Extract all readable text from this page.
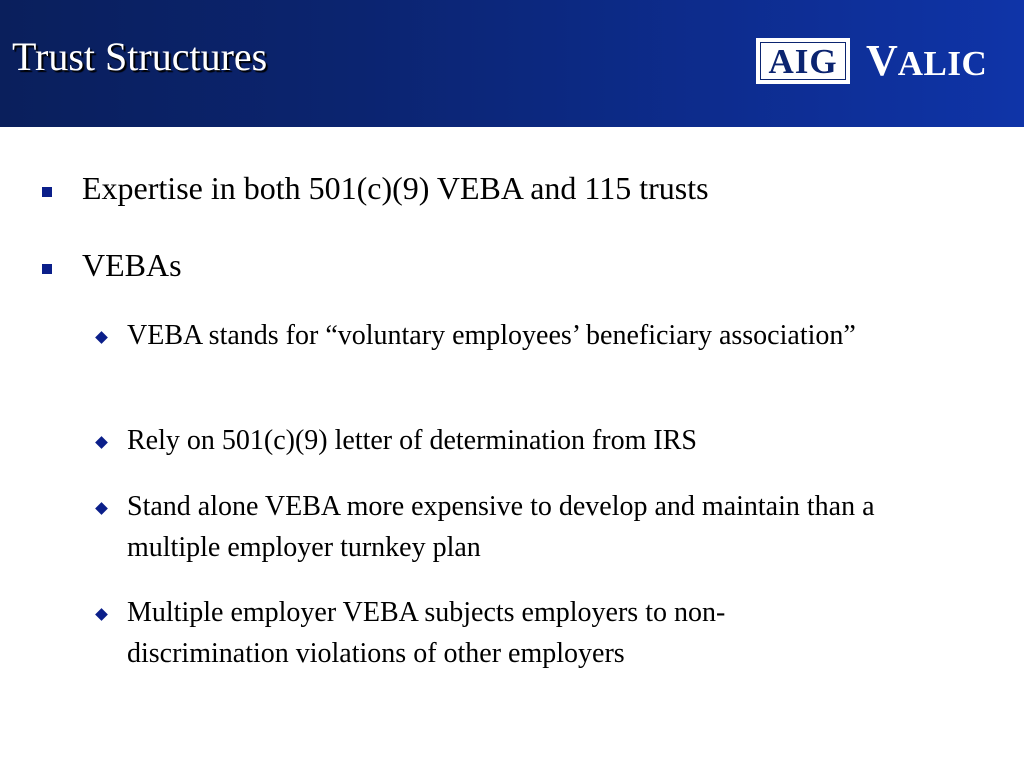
Trust Structures	AIG V ALIC
Expertise in both 501(c)(9) VEBA and 115 trusts
VEBAs
VEBA stands for “voluntary employees’ beneficiary association”
Rely on 501(c)(9) letter of determination from IRS
Stand alone VEBA more expensive to develop and maintain than a multiple employer turnkey plan
Multiple employer VEBA subjects employers to non-discrimination violations of other employers
